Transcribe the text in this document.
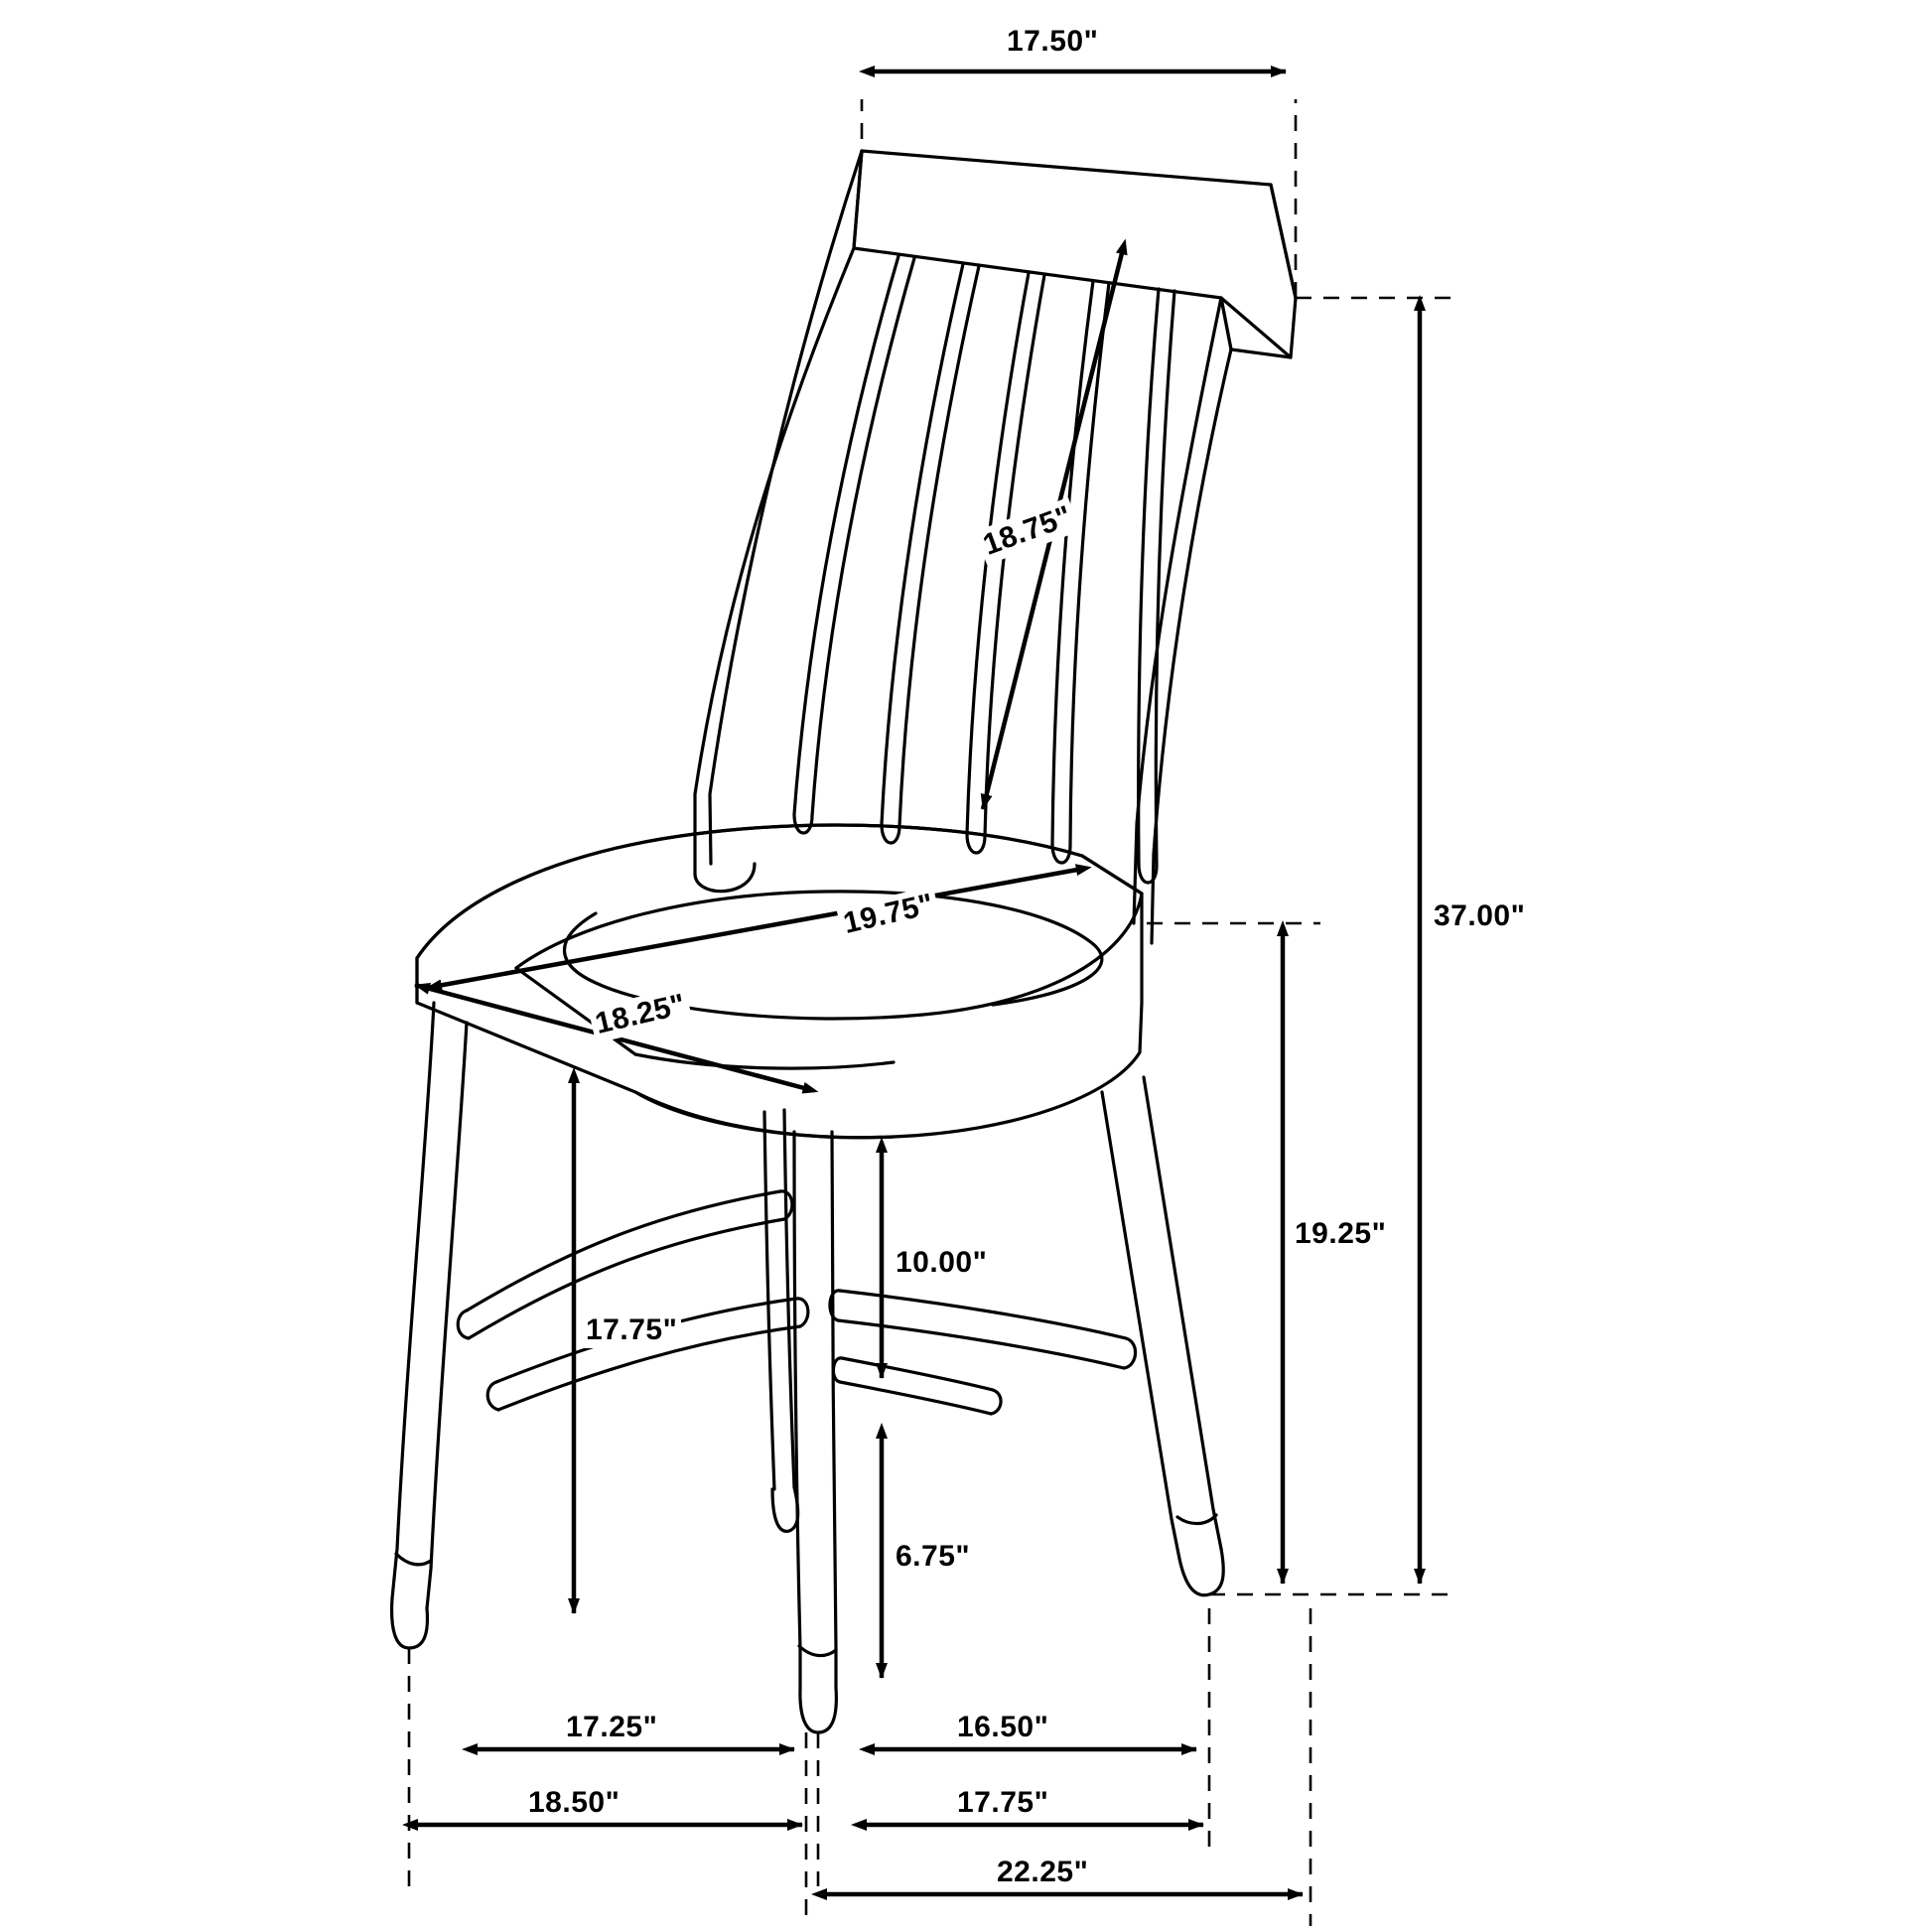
17.50"
18.75"
37.00"
19.75"
18.25"
19.25"
17.75"
10.00"
6.75"
17.25"	16.50"
18.50"	17.75"
22.25"
